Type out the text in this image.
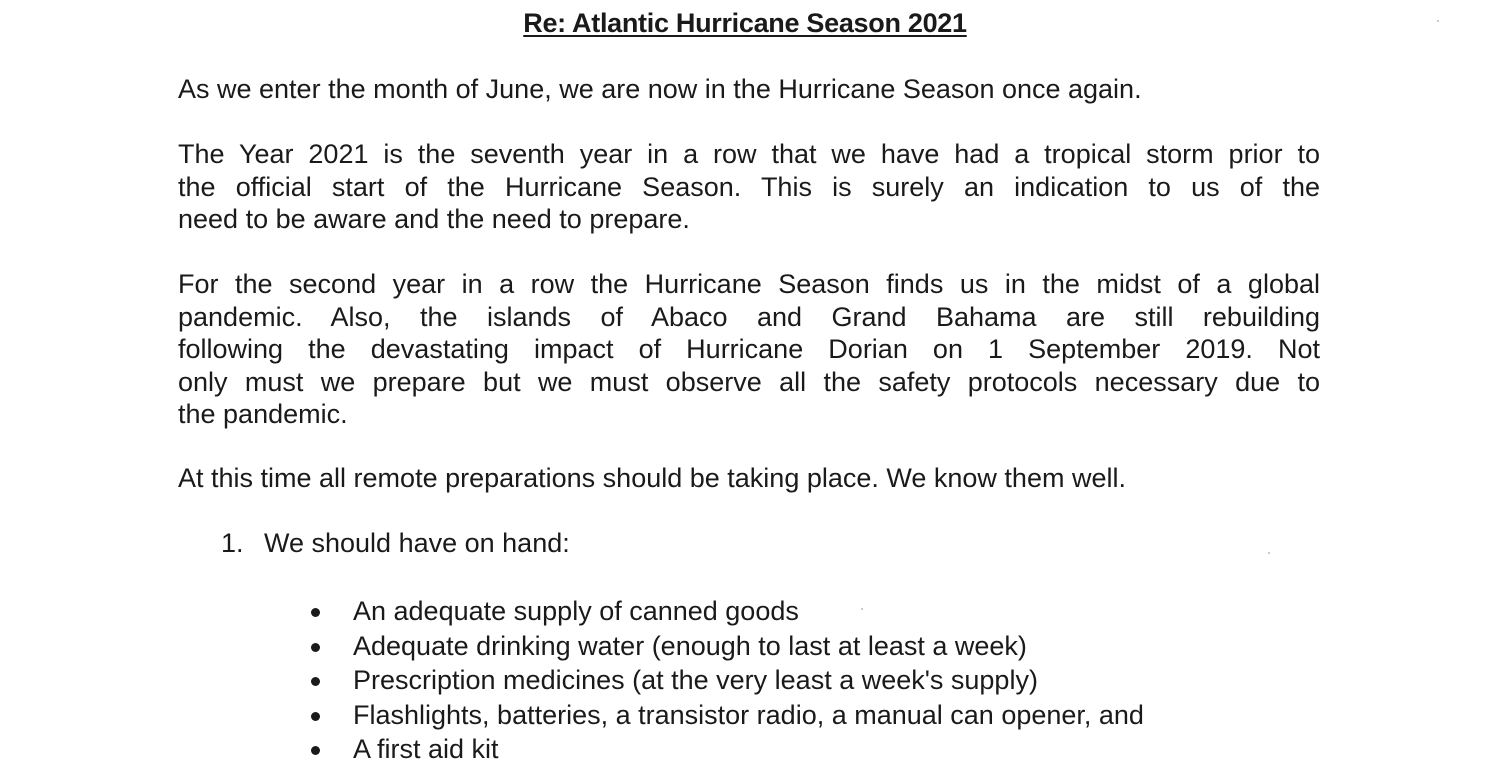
Re: Atlantic Hurricane Season 2021
As we enter the month of June, we are now in the Hurricane Season once again.
The Year 2021 is the seventh year in a row that we have had a tropical storm prior to
the official start of the Hurricane Season. This is surely an indication to us of the
need to be aware and the need to prepare.
For the second year in a row the Hurricane Season finds us in the midst of a global
pandemic. Also, the islands of Abaco and Grand Bahama are still rebuilding
following the devastating impact of Hurricane Dorian on 1 September 2019. Not
only must we prepare but we must observe all the safety protocols necessary due to
the pandemic.
At this time all remote preparations should be taking place. We know them well.
1. We should have on hand:
An adequate supply of canned goods
Adequate drinking water (enough to last at least a week)
Prescription medicines (at the very least a week's supply)
Flashlights, batteries, a transistor radio, a manual can opener, and
A first aid kit
